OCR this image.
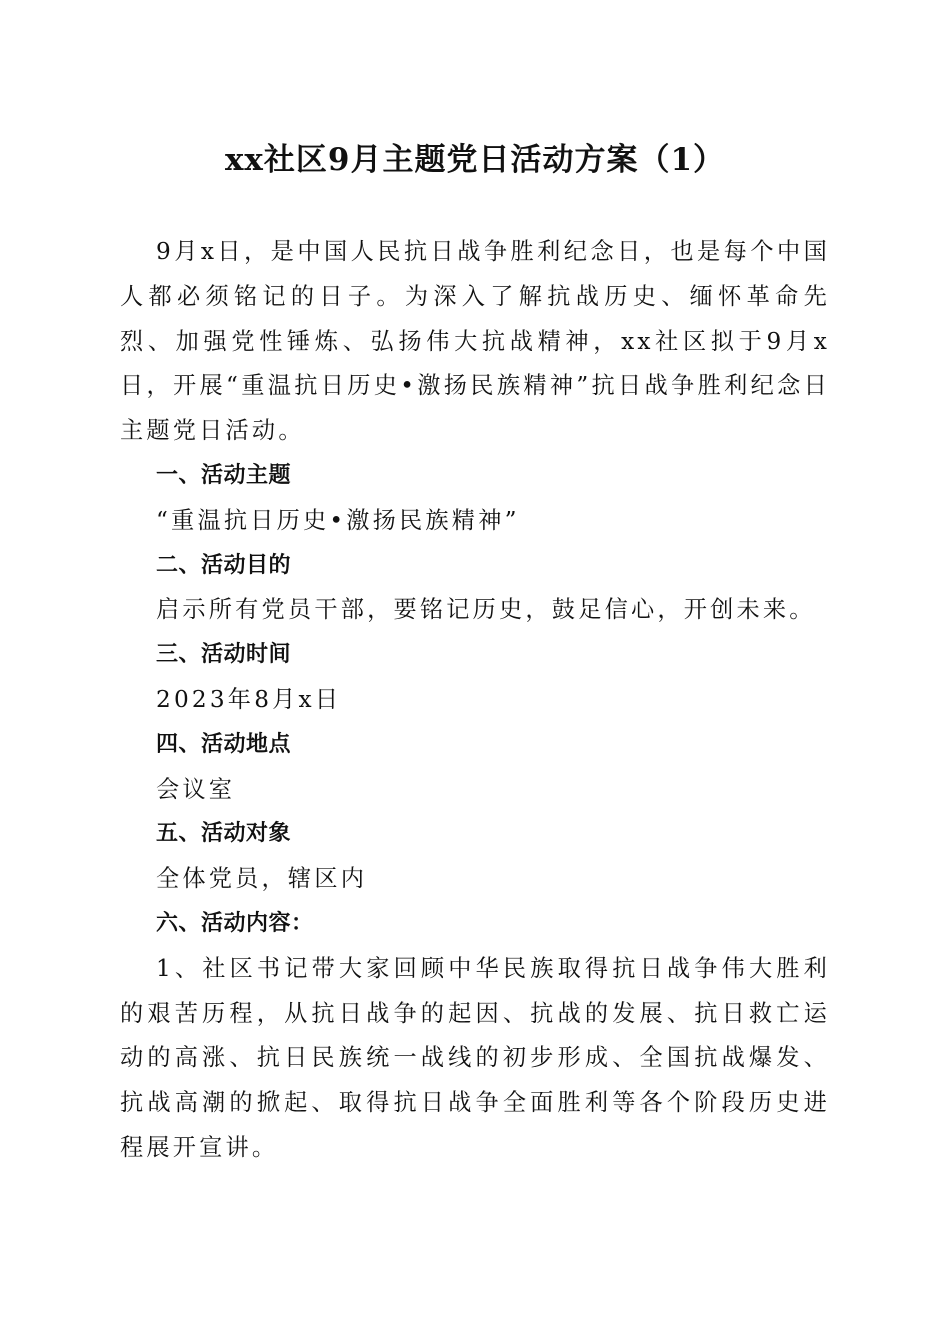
xx社区9月主题党日活动方案（1）

9月x日，是中国人民抗日战争胜利纪念日，也是每个中国人都必须铭记的日子。为深入了解抗战历史、缅怀革命先烈、加强党性锤炼、弘扬伟大抗战精神，xx社区拟于9月x日，开展“重温抗日历史•激扬民族精神”抗日战争胜利纪念日主题党日活动。

一、活动主题

“重温抗日历史•激扬民族精神”

二、活动目的

启示所有党员干部，要铭记历史，鼓足信心，开创未来。

三、活动时间

2023年8月x日

四、活动地点

会议室

五、活动对象

全体党员，辖区内

六、活动内容：

1、社区书记带大家回顾中华民族取得抗日战争伟大胜利的艰苦历程，从抗日战争的起因、抗战的发展、抗日救亡运动的高涨、抗日民族统一战线的初步形成、全国抗战爆发、抗战高潮的掀起、取得抗日战争全面胜利等各个阶段历史进程展开宣讲。
